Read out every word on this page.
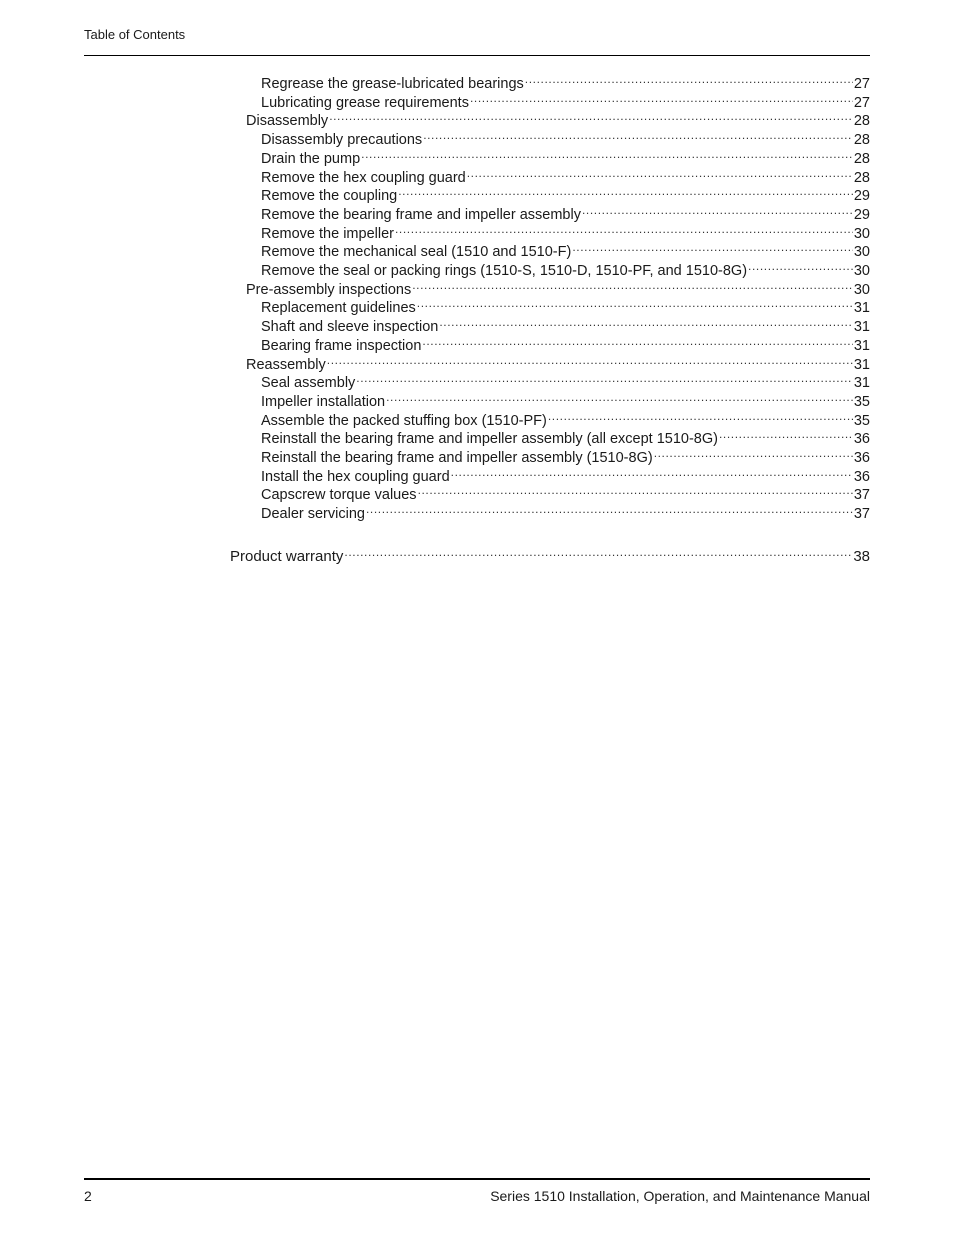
Table of Contents
Regrease the grease-lubricated bearings .....	27
Lubricating grease requirements .....	27
Disassembly .....	28
Disassembly precautions .....	28
Drain the pump .....	28
Remove the hex coupling guard .....	28
Remove the coupling .....	29
Remove the bearing frame and impeller assembly .....	29
Remove the impeller .....	30
Remove the mechanical seal (1510 and 1510-F) .....	30
Remove the seal or packing rings (1510-S, 1510-D, 1510-PF, and 1510-8G) .....	30
Pre-assembly inspections .....	30
Replacement guidelines .....	31
Shaft and sleeve inspection .....	31
Bearing frame inspection .....	31
Reassembly .....	31
Seal assembly .....	31
Impeller installation .....	35
Assemble the packed stuffing box (1510-PF) .....	35
Reinstall the bearing frame and impeller assembly (all except 1510-8G) .....	36
Reinstall the bearing frame and impeller assembly (1510-8G) .....	36
Install the hex coupling guard .....	36
Capscrew torque values .....	37
Dealer servicing .....	37
Product warranty .....	38
2	Series 1510 Installation, Operation, and Maintenance Manual
